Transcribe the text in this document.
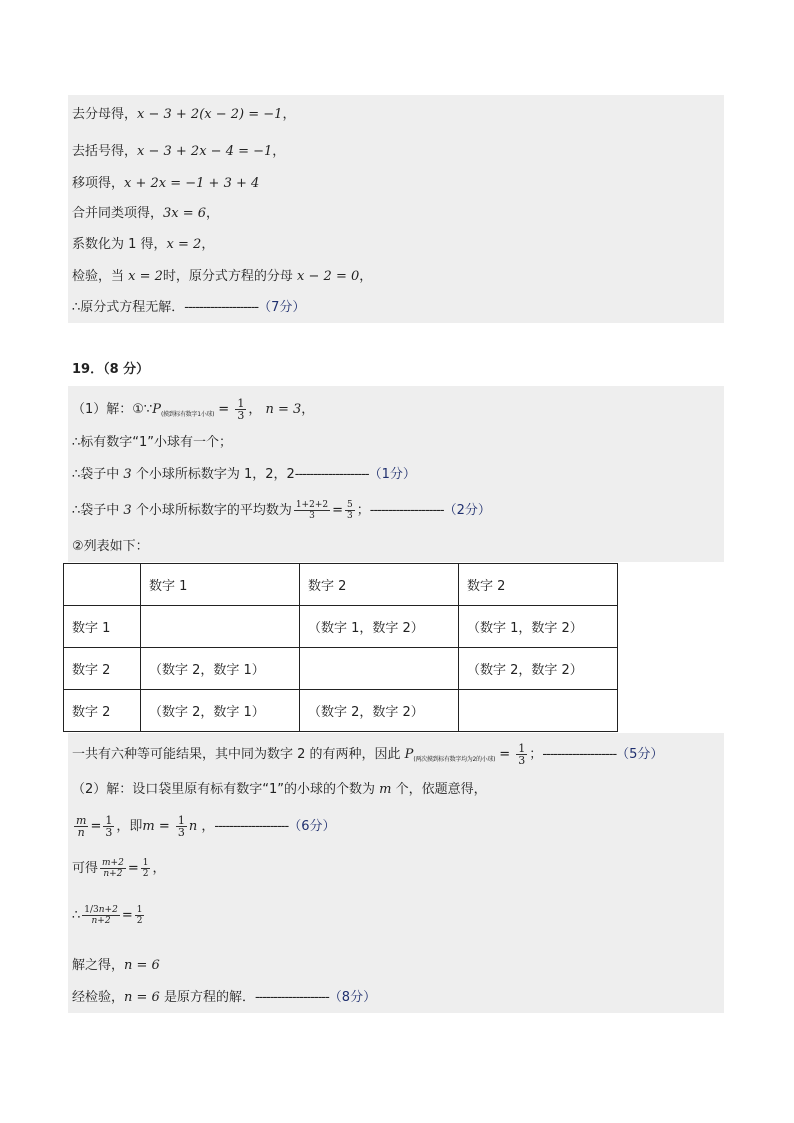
去分母得，x − 3 + 2(x − 2) = −1，
去括号得，x − 3 + 2x − 4 = −1，
移项得，x + 2x = −1 + 3 + 4
合并同类项得，3x = 6，
系数化为 1 得，x = 2，
检验，当 x = 2时，原分式方程的分母 x − 2 = 0，
∴原分式方程无解．--------------------（7分）
19．（8 分）
（1）解：$①\because P_{(摸到标有数字1小球)} = \frac{1}{3}$ ， n = 3，
∴标有数字“1”小球有一个；
∴袋子中 3 个小球所标数字为 1，2，2--------------------（1分）
∴袋子中 3 个小球所标数字的平均数为 $\frac{1+2+2}{3} = \frac{5}{3}$ ；--------------------（2分）
②列表如下：
	数字 1	数字 2	数字 2
数字 1		（数字 1，数字 2）	（数字 1，数字 2）
数字 2	（数字 2，数字 1）		（数字 2，数字 2）
数字 2	（数字 2，数字 1）	（数字 2，数字 2）	
一共有六种等可能结果，其中同为数字 2 的有两种，因此 $P_{(两次摸到标有数字均为2的小球)} = \frac{1}{3}$ ；--------------------（5分）
（2）解：设口袋里原有标有数字“1”的小球的个数为 m 个，依题意得，
$\frac{m}{n} = \frac{1}{3}$ ，即$m = \frac{1}{3}$ n ，--------------------（6分）
可得 $\frac{m+2}{n+2} = \frac{1}{2}$ ，
∴ $\frac{1/3n+2}{n+2} = \frac{1}{2}$
解之得，n = 6
经检验，n = 6 是原方程的解．--------------------（8分）
